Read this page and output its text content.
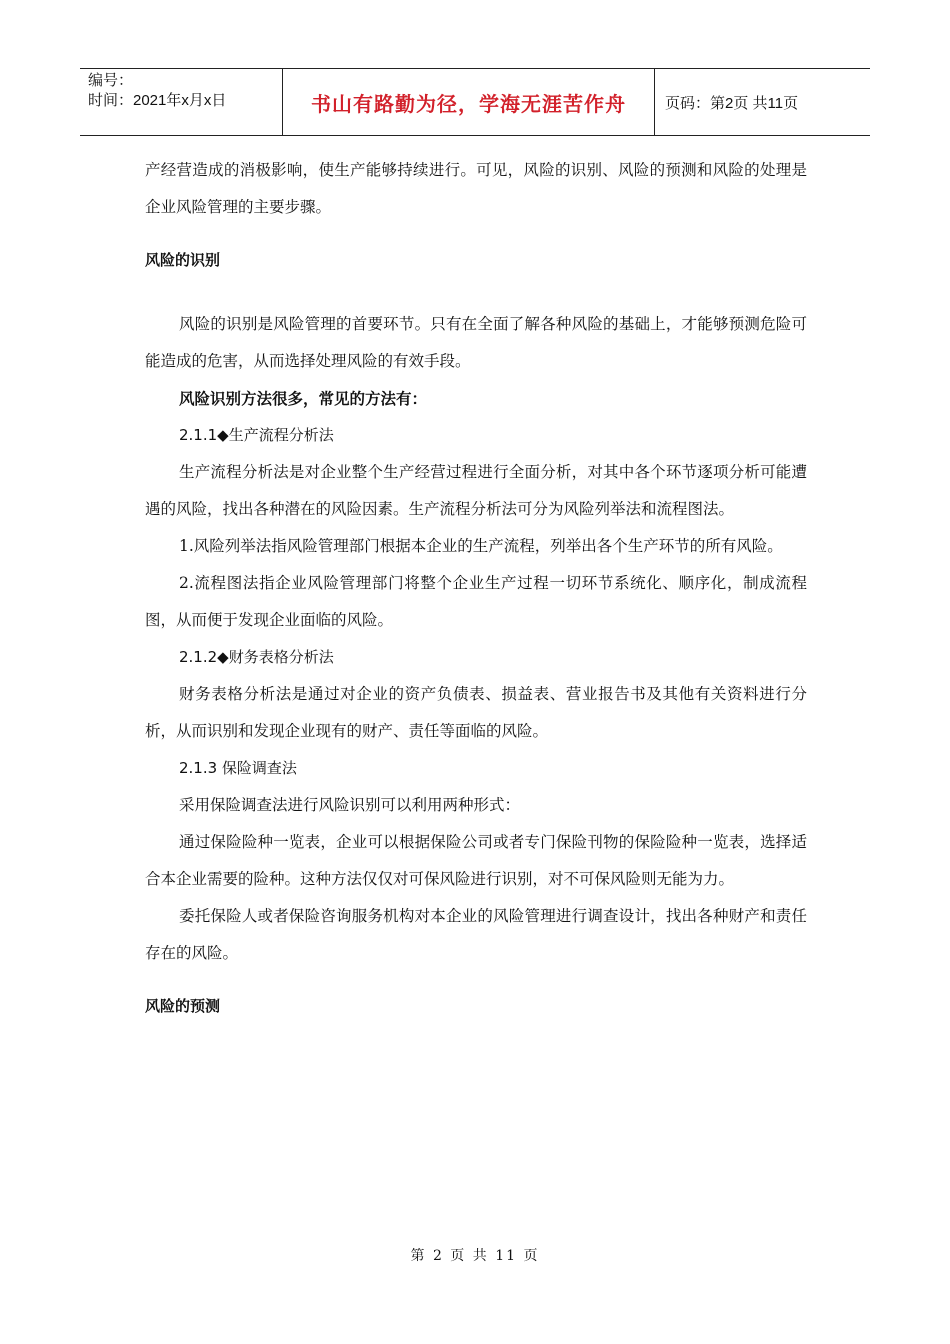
编号：
时间：2021年x月x日	书山有路勤为径，学海无涯苦作舟	页码：第2页 共11页

产经营造成的消极影响，使生产能够持续进行。可见，风险的识别、风险的预测和风险的处理是企业风险管理的主要步骤。

风险的识别

风险的识别是风险管理的首要环节。只有在全面了解各种风险的基础上，才能够预测危险可能造成的危害，从而选择处理风险的有效手段。

风险识别方法很多，常见的方法有：

2.1.1◆生产流程分析法

生产流程分析法是对企业整个生产经营过程进行全面分析，对其中各个环节逐项分析可能遭遇的风险，找出各种潜在的风险因素。生产流程分析法可分为风险列举法和流程图法。

1.风险列举法指风险管理部门根据本企业的生产流程，列举出各个生产环节的所有风险。

2.流程图法指企业风险管理部门将整个企业生产过程一切环节系统化、顺序化，制成流程图，从而便于发现企业面临的风险。

2.1.2◆财务表格分析法

财务表格分析法是通过对企业的资产负债表、损益表、营业报告书及其他有关资料进行分析，从而识别和发现企业现有的财产、责任等面临的风险。

2.1.3 保险调查法

采用保险调查法进行风险识别可以利用两种形式：

通过保险险种一览表，企业可以根据保险公司或者专门保险刊物的保险险种一览表，选择适合本企业需要的险种。这种方法仅仅对可保风险进行识别，对不可保风险则无能为力。

委托保险人或者保险咨询服务机构对本企业的风险管理进行调查设计，找出各种财产和责任存在的风险。

风险的预测

第 2 页 共 11 页
